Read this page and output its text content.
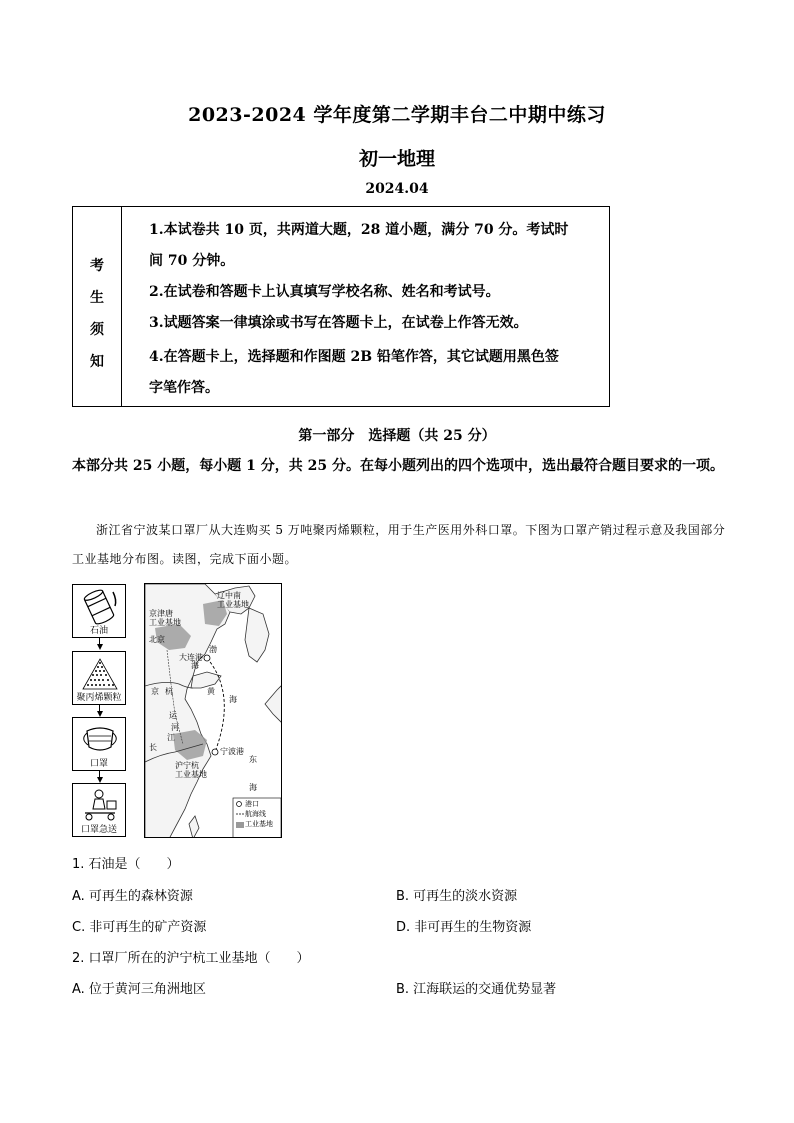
2023-2024 学年度第二学期丰台二中期中练习
初一地理
2024.04
考
生
须
知

1.本试卷共 10 页，共两道大题，28 道小题，满分 70 分。考试时

间 70 分钟。

2.在试卷和答题卡上认真填写学校名称、姓名和考试号。

3.试题答案一律填涂或书写在答题卡上，在试卷上作答无效。

4.在答题卡上，选择题和作图题 2B 铅笔作答，其它试题用黑色签

字笔作答。

第一部分　选择题（共 25 分）
本部分共 25 小题，每小题 1 分，共 25 分。在每小题列出的四个选项中，选出最符合题目要求的一项。
浙江省宁波某口罩厂从大连购买 5 万吨聚丙烯颗粒，用于生产医用外科口罩。下图为口罩产销过程示意及我国部分工业基地分布图。读图，完成下面小题。
石油
聚丙烯颗粒
口罩
口罩急送
辽中南
工业基地
京津唐
工业基地
北京
渤
大连港
海
京 杭	黄
海
运
河
长
江
宁波港
沪宁杭
工业基地
东
海
港口
航海线
工业基地
1. 石油是（　　）
A. 可再生的森林资源	B. 可再生的淡水资源
C. 非可再生的矿产资源	D. 非可再生的生物资源
2. 口罩厂所在的沪宁杭工业基地（　　）
A. 位于黄河三角洲地区	B. 江海联运的交通优势显著
